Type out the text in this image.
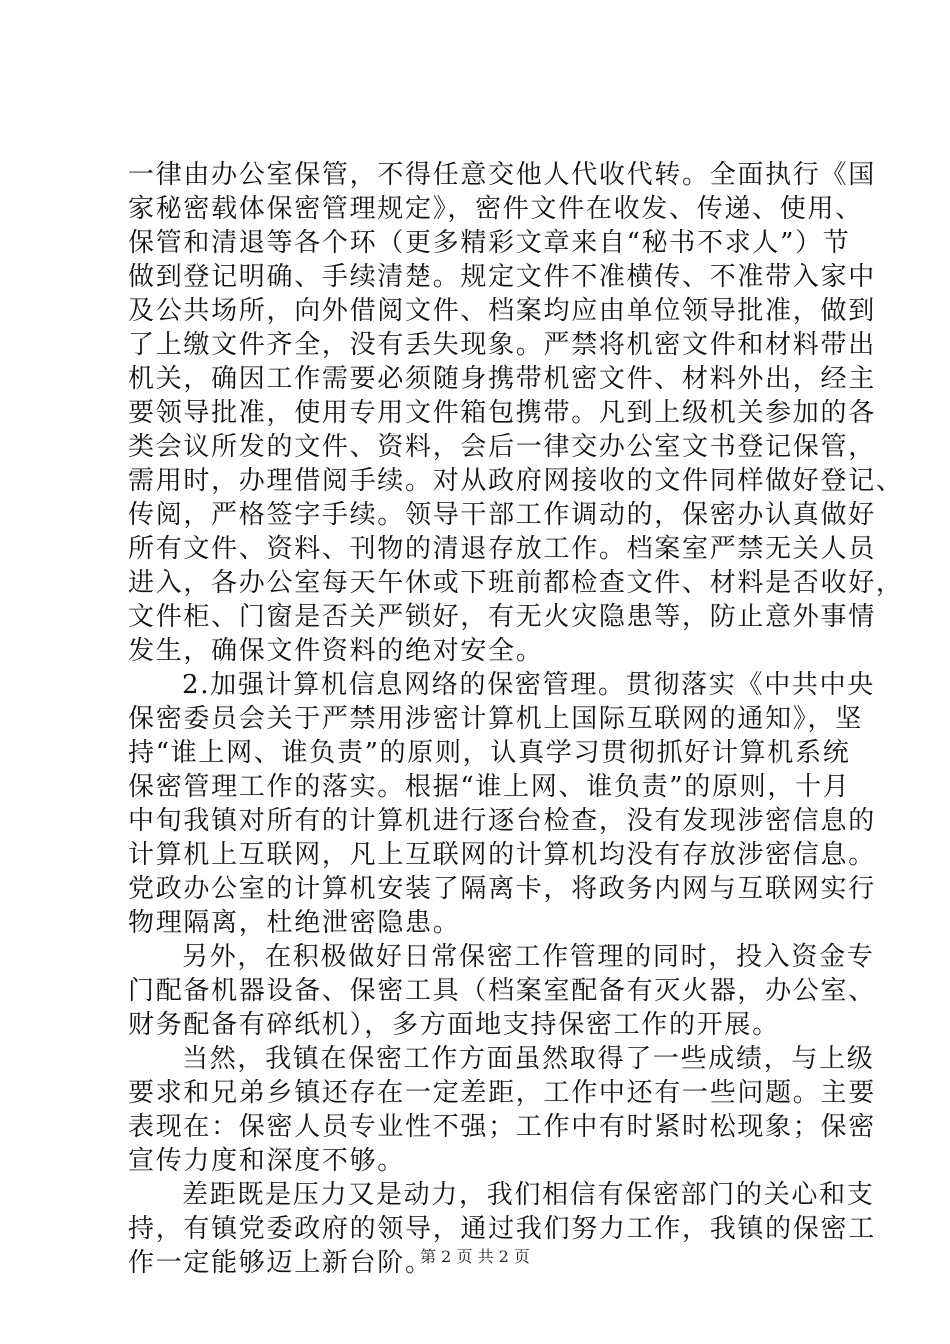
一律由办公室保管，不得任意交他人代收代转。全面执行《国
家秘密载体保密管理规定》，密件文件在收发、传递、使用、
保管和清退等各个环（更多精彩文章来自“秘书不求人”）节
做到登记明确、手续清楚。规定文件不准横传、不准带入家中
及公共场所，向外借阅文件、档案均应由单位领导批准，做到
了上缴文件齐全，没有丢失现象。严禁将机密文件和材料带出
机关，确因工作需要必须随身携带机密文件、材料外出，经主
要领导批准，使用专用文件箱包携带。凡到上级机关参加的各
类会议所发的文件、资料，会后一律交办公室文书登记保管，
需用时，办理借阅手续。对从政府网接收的文件同样做好登记、
传阅，严格签字手续。领导干部工作调动的，保密办认真做好
所有文件、资料、刊物的清退存放工作。档案室严禁无关人员
进入，各办公室每天午休或下班前都检查文件、材料是否收好，
文件柜、门窗是否关严锁好，有无火灾隐患等，防止意外事情
发生，确保文件资料的绝对安全。
2.加强计算机信息网络的保密管理。贯彻落实《中共中央
保密委员会关于严禁用涉密计算机上国际互联网的通知》，坚
持“谁上网、谁负责”的原则，认真学习贯彻抓好计算机系统
保密管理工作的落实。根据“谁上网、谁负责”的原则，十月
中旬我镇对所有的计算机进行逐台检查，没有发现涉密信息的
计算机上互联网，凡上互联网的计算机均没有存放涉密信息。
党政办公室的计算机安装了隔离卡，将政务内网与互联网实行
物理隔离，杜绝泄密隐患。
另外，在积极做好日常保密工作管理的同时，投入资金专
门配备机器设备、保密工具（档案室配备有灭火器，办公室、
财务配备有碎纸机），多方面地支持保密工作的开展。
当然，我镇在保密工作方面虽然取得了一些成绩，与上级
要求和兄弟乡镇还存在一定差距，工作中还有一些问题。主要
表现在：保密人员专业性不强；工作中有时紧时松现象；保密
宣传力度和深度不够。
差距既是压力又是动力，我们相信有保密部门的关心和支
持，有镇党委政府的领导，通过我们努力工作，我镇的保密工
作一定能够迈上新台阶。
第 2 页 共 2 页
